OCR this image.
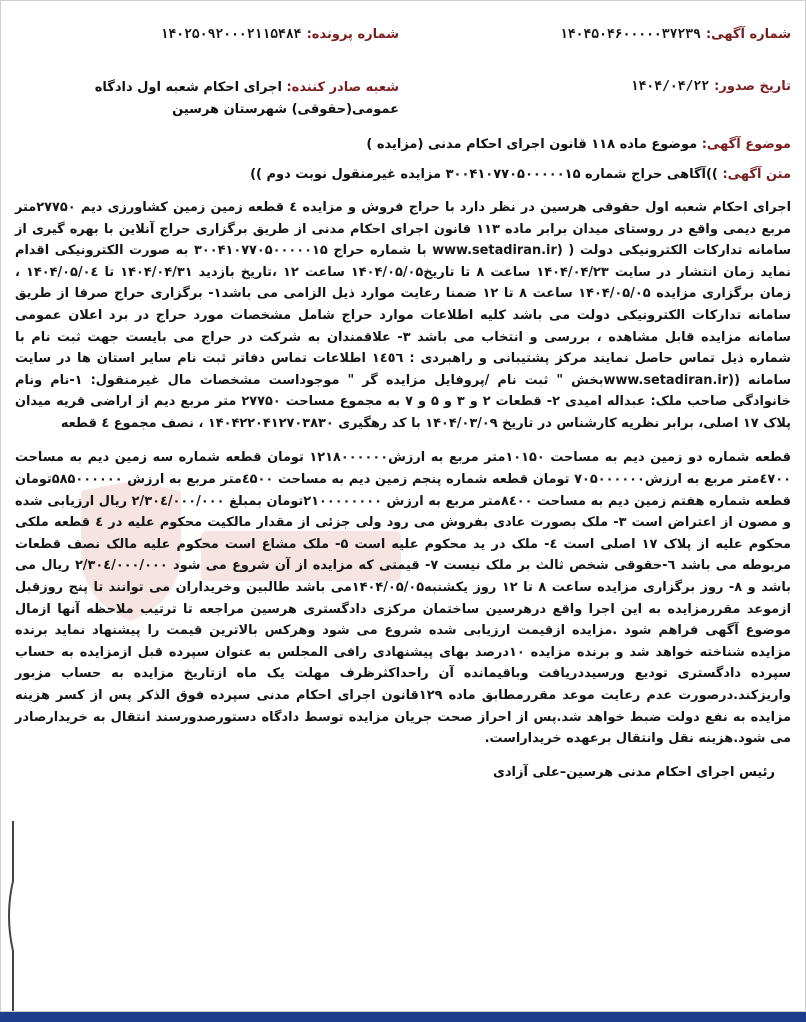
شماره آگهی: ۱۴۰۴۵۰۴۶۰۰۰۰۰۳۷۲۳۹
شماره پرونده: ۱۴۰۲۵۰۹۲۰۰۰۲۱۱۵۴۸۴
تاریخ صدور: ۱۴۰۴/۰۴/۲۲
شعبه صادر کننده: اجرای احکام شعبه اول دادگاه عمومی(حقوقی) شهرستان هرسین
موضوع آگهی: موضوع ماده ۱۱۸ قانون اجرای احکام مدنی (مزایده )
متن آگهی: ))آگاهی حراج شماره ۳۰۰۴۱۰۷۷۰۵۰۰۰۰۰۱۵ مزایده غیرمنقول نوبت دوم ))

اجرای احکام شعبه اول حقوقی هرسین در نظر دارد با حراج فروش و مزایده ٤ قطعه زمین زمین کشاورزی دیم ۲۷۷۵۰متر مربع دیمی واقع در روستای میدان برابر ماده ۱۱۳ قانون اجرای احکام مدنی از طریق برگزاری حراج آنلاین با بهره گیری از سامانه تدارکات الکترونیکی دولت ( (www.setadiran.ir با شماره حراج ۳۰۰۴۱۰۷۷۰۵۰۰۰۰۰۱۵ به صورت الکترونیکی اقدام نماید زمان انتشار در سایت ۱۴۰۴/۰۴/۲۳ ساعت ۸ تا تاریخ۱۴۰۴/۰۵/۰۵ ساعت ۱۲ ،تاریخ بازدید ۱۴۰۴/۰۴/۳۱ تا ۱۴۰۴/۰۵/۰٤ ، زمان برگزاری مزایده ۱۴۰۴/۰۵/۰۵ ساعت ۸ تا ۱۲ ضمنا رعایت موارد ذیل الزامی می باشد۱- برگزاری حراج صرفا از طریق سامانه تدارکات الکترونیکی دولت می باشد کلیه اطلاعات موارد حراج شامل مشخصات مورد حراج در برد اعلان عمومی سامانه مزایده قابل مشاهده ، بررسی و انتخاب می باشد ۳- علاقمندان به شرکت در حراج می بایست جهت ثبت نام با شماره ذیل تماس حاصل نمایند مرکز پشتیبانی و راهبردی : ۱٤٥٦ اطلاعات تماس دفاتر ثبت نام سایر استان ها در سایت سامانه ((www.setadiran.irبخش " ثبت نام /پروفایل مزایده گر " موجوداست مشخصات مال غیرمنقول: ۱-نام ونام خانوادگی صاحب ملک: عبداله امیدی ۲- قطعات ۲ و ۳ و ۵ و ۷ به مجموع مساحت ۲۷۷۵۰ متر مربع دیم از اراضی قریه میدان پلاک ۱۷ اصلی، برابر نظریه کارشناس در تاریخ ۱۴۰۴/۰۳/۰۹ با کد رهگیری ۱۴۰۴۲۲۰۴۱۲۷۰۳۸۳۰ ، نصف مجموع ٤ قطعه

قطعه شماره دو زمین دیم به مساحت ۱۰۱۵۰متر مربع به ارزش۱۲۱۸۰۰۰۰۰۰ تومان قطعه شماره سه زمین دیم به مساحت ٤۷۰۰متر مربع به ارزش۷۰۵۰۰۰۰۰۰ تومان قطعه شماره پنجم زمین دیم به مساحت ٤۵۰۰متر مربع به ارزش ۵۸۵۰۰۰۰۰۰تومان قطعه شماره هفتم زمین دیم به مساحت ۸٤۰۰متر مربع به ارزش ۲۱۰۰۰۰۰۰۰۰تومان بمبلغ ۲/۳۰٤/۰۰۰/۰۰۰ ریال ارزیابی شده و مصون از اعتراض است ۳- ملک بصورت عادی بفروش می رود ولی جزئی از مقدار مالکیت محکوم علیه در ٤ قطعه ملکی محکوم علیه از پلاک ۱۷ اصلی است ٤- ملک در ید محکوم علیه است ۵- ملک مشاع است محکوم علیه مالک نصف قطعات مربوطه می باشد ٦-حقوقی شخص ثالث بر ملک نیست ۷- قیمتی که مزایده از آن شروع می شود ۲/۳۰٤/۰۰۰/۰۰۰ ریال می باشد و ۸- روز برگزاری مزایده ساعت ۸ تا ۱۲ روز یکشنبه۱۴۰۴/۰۵/۰۵می باشد طالبین وخریداران می توانند تا پنج روزقبل ازموعد مقررمزایده به این اجرا واقع درهرسین ساختمان مرکزی دادگستری هرسین مراجعه تا ترتیب ملاحظه آنها ازمال موضوع آگهی فراهم شود .مزایده ازقیمت ارزیابی شده شروع می شود وهرکس بالاترین قیمت را پیشنهاد نماید برنده مزایده شناخته خواهد شد و برنده مزایده ۱۰درصد بهای پیشنهادی رافی المجلس به عنوان سپرده قبل ازمزایده به حساب سپرده دادگستری تودیع ورسیددریافت وباقیمانده آن راحداکثرظرف مهلت یک ماه ازتاریخ مزایده به حساب مزبور واریزکند.درصورت عدم رعایت موعد مقررمطابق ماده ۱۲۹قانون اجرای احکام مدنی سپرده فوق الذکر پس از کسر هزینه مزایده به نفع دولت ضبط خواهد شد.پس از احراز صحت جریان مزایده توسط دادگاه دستورصدورسند انتقال به خریدارصادر می شود.هزینه نقل وانتقال برعهده خریداراست.

رئیس اجرای احکام مدنی هرسین–علی آزادی
